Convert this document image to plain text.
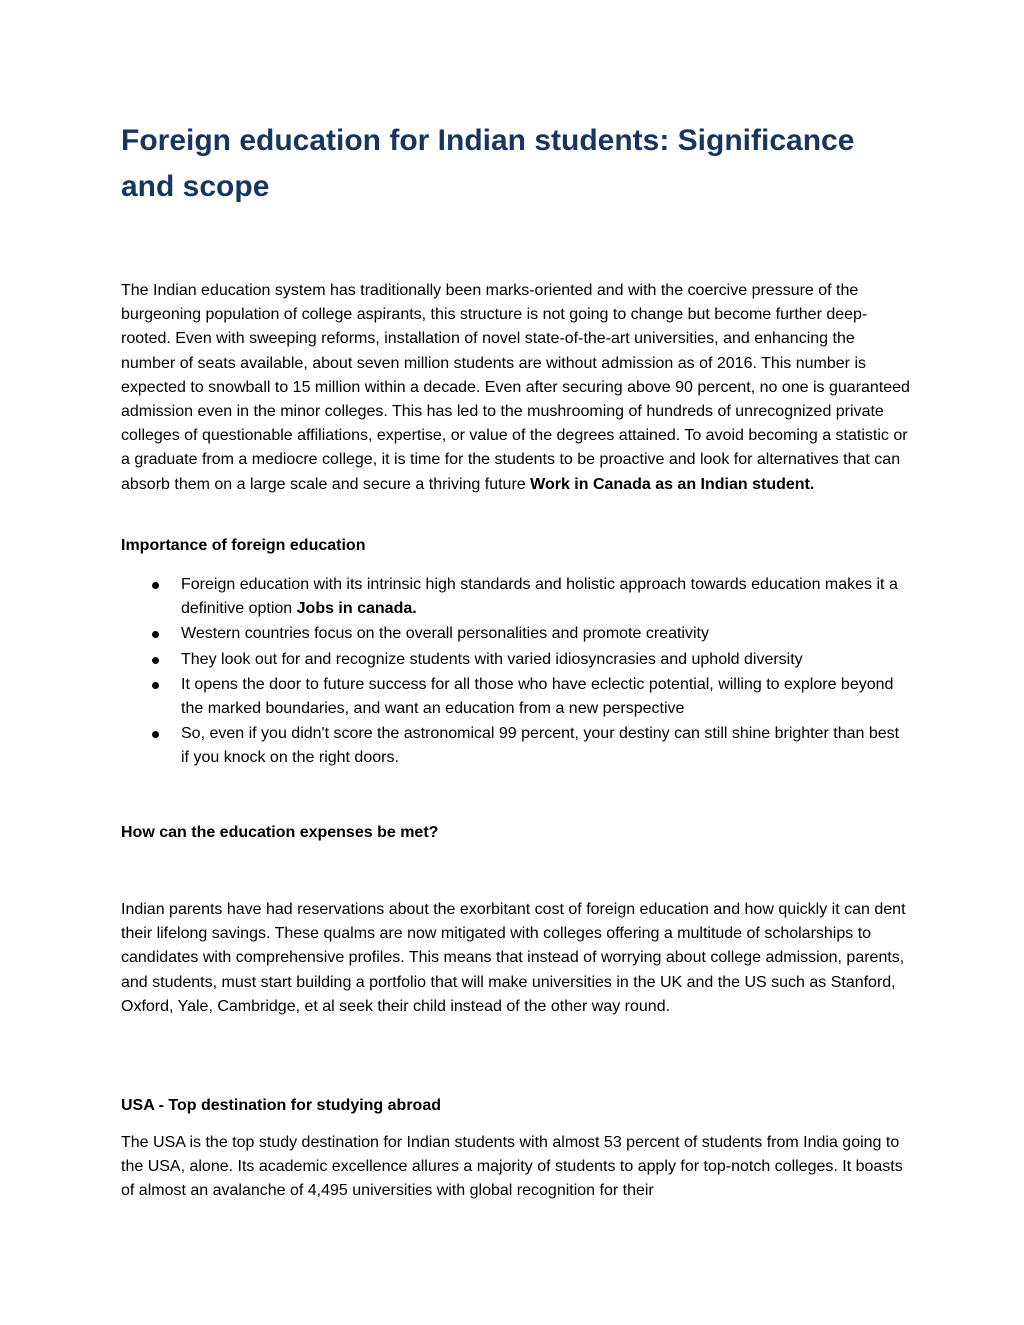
Foreign education for Indian students: Significance and scope

The Indian education system has traditionally been marks-oriented and with the coercive pressure of the burgeoning population of college aspirants, this structure is not going to change but become further deep-rooted. Even with sweeping reforms, installation of novel state-of-the-art universities, and enhancing the number of seats available, about seven million students are without admission as of 2016. This number is expected to snowball to 15 million within a decade. Even after securing above 90 percent, no one is guaranteed admission even in the minor colleges. This has led to the mushrooming of hundreds of unrecognized private colleges of questionable affiliations, expertise, or value of the degrees attained. To avoid becoming a statistic or a graduate from a mediocre college, it is time for the students to be proactive and look for alternatives that can absorb them on a large scale and secure a thriving future Work in Canada as an Indian student.

Importance of foreign education
Foreign education with its intrinsic high standards and holistic approach towards education makes it a definitive option Jobs in canada.
Western countries focus on the overall personalities and promote creativity
They look out for and recognize students with varied idiosyncrasies and uphold diversity
It opens the door to future success for all those who have eclectic potential, willing to explore beyond the marked boundaries, and want an education from a new perspective
So, even if you didn't score the astronomical 99 percent, your destiny can still shine brighter than best if you knock on the right doors.
How can the education expenses be met?

Indian parents have had reservations about the exorbitant cost of foreign education and how quickly it can dent their lifelong savings. These qualms are now mitigated with colleges offering a multitude of scholarships to candidates with comprehensive profiles. This means that instead of worrying about college admission, parents, and students, must start building a portfolio that will make universities in the UK and the US such as Stanford, Oxford, Yale, Cambridge, et al seek their child instead of the other way round.

USA - Top destination for studying abroad

The USA is the top study destination for Indian students with almost 53 percent of students from India going to the USA, alone. Its academic excellence allures a majority of students to apply for top-notch colleges. It boasts of almost an avalanche of 4,495 universities with global recognition for their
